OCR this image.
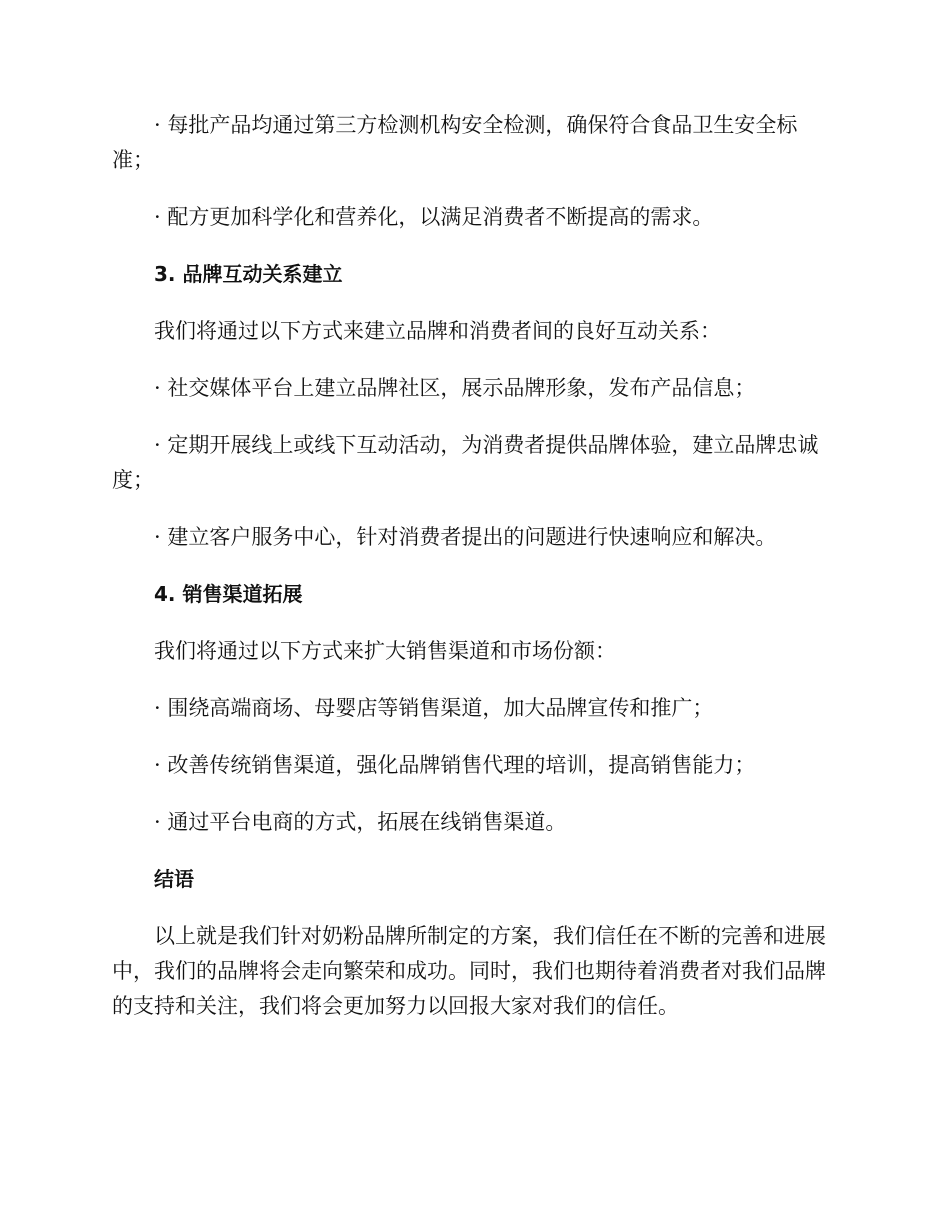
· 每批产品均通过第三方检测机构安全检测，确保符合食品卫生安全标准；

· 配方更加科学化和营养化，以满足消费者不断提高的需求。

3. 品牌互动关系建立

我们将通过以下方式来建立品牌和消费者间的良好互动关系：

· 社交媒体平台上建立品牌社区，展示品牌形象，发布产品信息；

· 定期开展线上或线下互动活动，为消费者提供品牌体验，建立品牌忠诚度；

· 建立客户服务中心，针对消费者提出的问题进行快速响应和解决。

4. 销售渠道拓展

我们将通过以下方式来扩大销售渠道和市场份额：

· 围绕高端商场、母婴店等销售渠道，加大品牌宣传和推广；

· 改善传统销售渠道，强化品牌销售代理的培训，提高销售能力；

· 通过平台电商的方式，拓展在线销售渠道。

结语

以上就是我们针对奶粉品牌所制定的方案，我们信任在不断的完善和进展中，我们的品牌将会走向繁荣和成功。同时，我们也期待着消费者对我们品牌的支持和关注，我们将会更加努力以回报大家对我们的信任。
